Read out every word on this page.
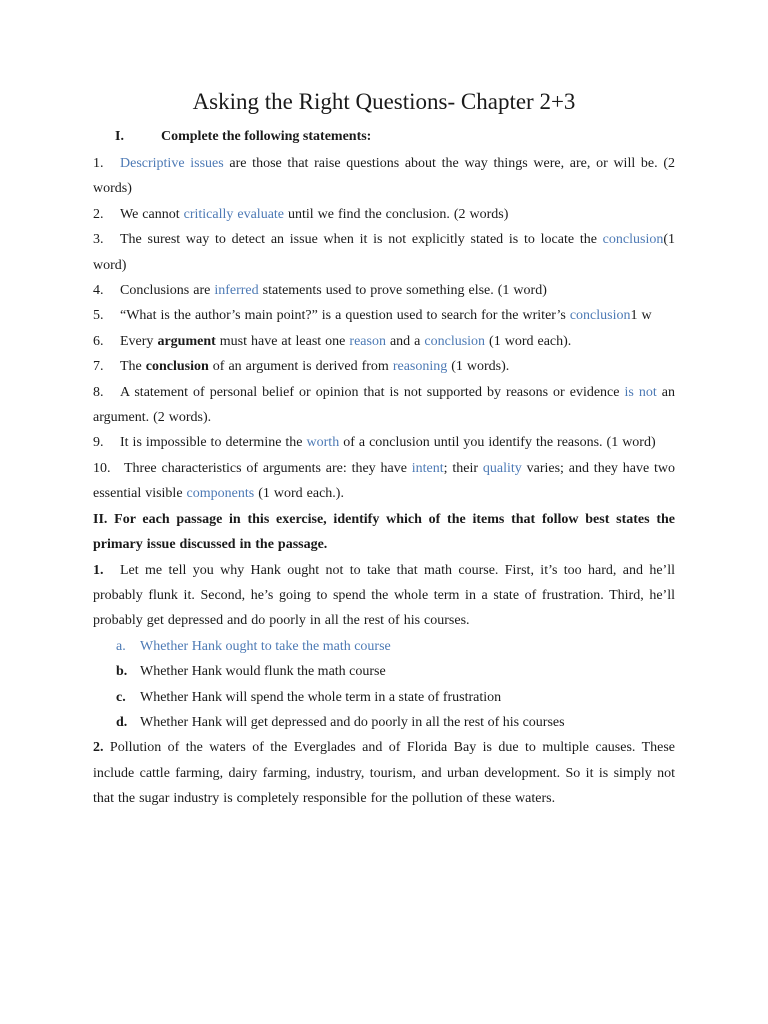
Asking the Right Questions- Chapter 2+3
I.	Complete the following statements:

1. Descriptive issues are those that raise questions about the way things were, are, or will be. (2 words)

2. We cannot critically evaluate until we find the conclusion. (2 words)

3. The surest way to detect an issue when it is not explicitly stated is to locate the conclusion(1 word)

4. Conclusions are inferred statements used to prove something else. (1 word)

5. “What is the author’s main point?” is a question used to search for the writer’s conclusion1 w

6. Every argument must have at least one reason and a conclusion (1 word each).

7. The conclusion of an argument is derived from reasoning (1 words).

8. A statement of personal belief or opinion that is not supported by reasons or evidence is not an argument. (2 words).

9. It is impossible to determine the worth of a conclusion until you identify the reasons. (1 word)

10. Three characteristics of arguments are: they have intent; their quality varies; and they have two essential visible components (1 word each.).

II. For each passage in this exercise, identify which of the items that follow best states the primary issue discussed in the passage.

1. Let me tell you why Hank ought not to take that math course. First, it’s too hard, and he’ll probably flunk it. Second, he’s going to spend the whole term in a state of frustration. Third, he’ll probably get depressed and do poorly in all the rest of his courses.

a. Whether Hank ought to take the math course

b. Whether Hank would flunk the math course

c. Whether Hank will spend the whole term in a state of frustration

d. Whether Hank will get depressed and do poorly in all the rest of his courses

2. Pollution of the waters of the Everglades and of Florida Bay is due to multiple causes. These include cattle farming, dairy farming, industry, tourism, and urban development. So it is simply not that the sugar industry is completely responsible for the pollution of these waters.
